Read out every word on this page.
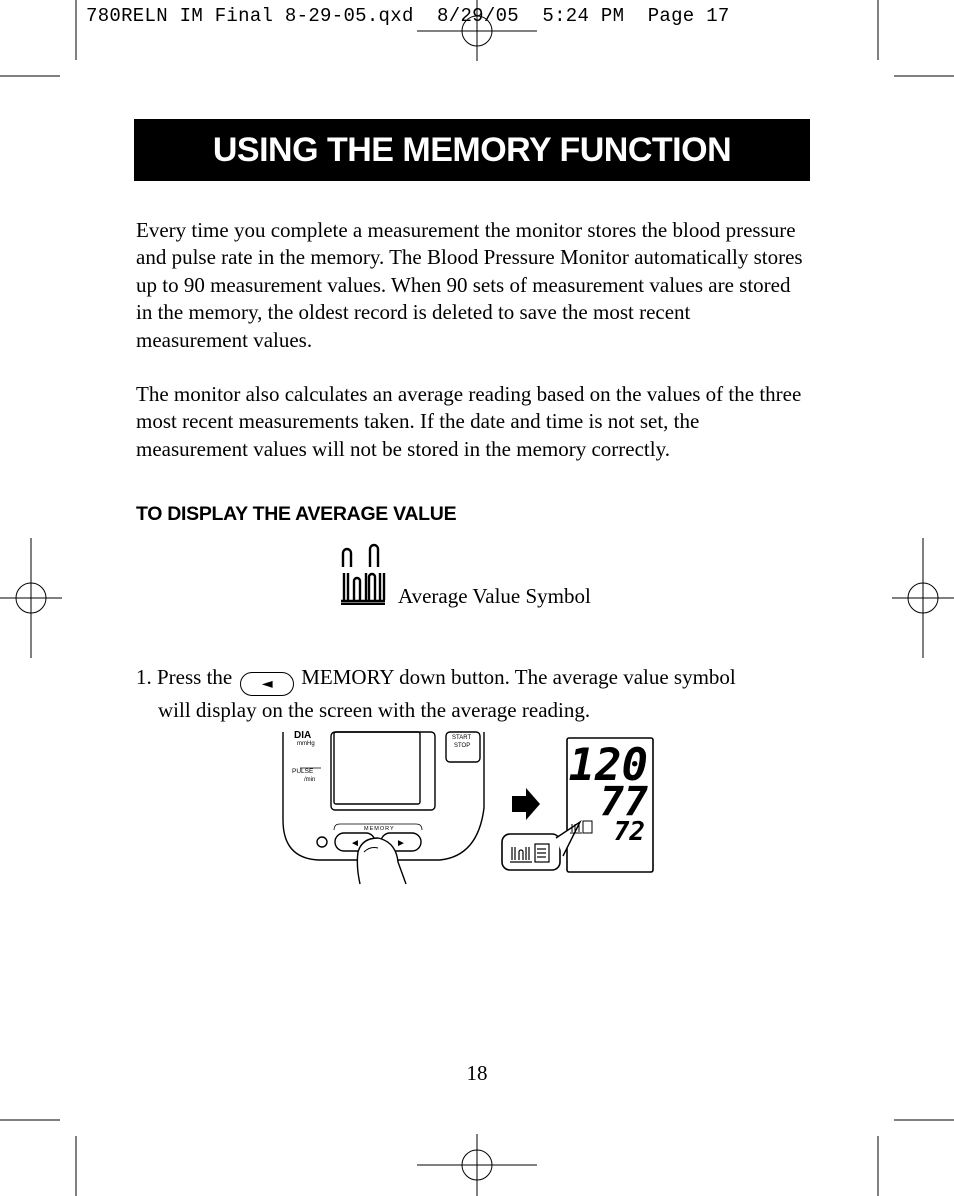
780RELN IM Final 8-29-05.qxd  8/29/05  5:24 PM  Page 17
USING THE MEMORY FUNCTION

Every time you complete a measurement the monitor stores the blood pressure and pulse rate in the memory. The Blood Pressure Monitor automatically stores up to 90 measurement values. When 90 sets of measurement values are stored in the memory, the oldest record is deleted to save the most recent measurement values.

The monitor also calculates an average reading based on the values of the three most recent measurements taken. If the date and time is not set, the measurement values will not be stored in the memory correctly.

TO DISPLAY THE AVERAGE VALUE
Average Value Symbol
1. Press the ◄ MEMORY down button. The average value symbol
will display on the screen with the average reading.
DIA
mmHg
PULSE
/min
START
STOP
MEMORY
◄	►
120
77
72
18
